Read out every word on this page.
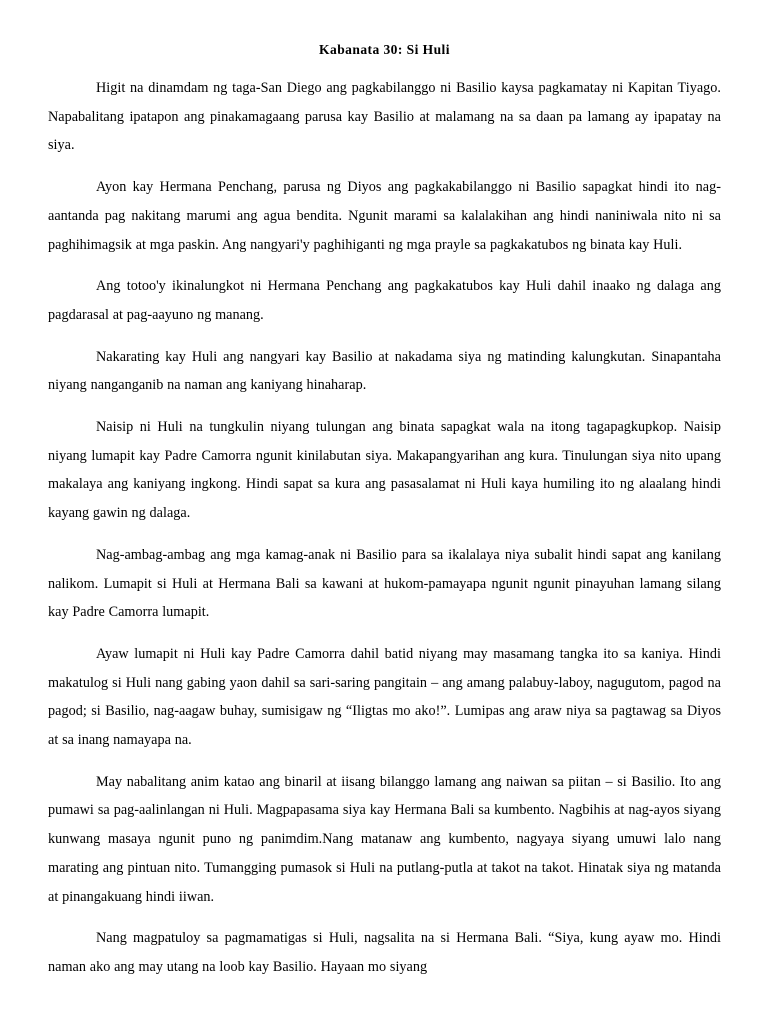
Kabanata 30: Si Huli

Higit na dinamdam ng taga-San Diego ang pagkabilanggo ni Basilio kaysa pagkamatay ni Kapitan Tiyago. Napabalitang ipatapon ang pinakamagaang parusa kay Basilio at malamang na sa daan pa lamang ay ipapatay na siya.

Ayon kay Hermana Penchang, parusa ng Diyos ang pagkakabilanggo ni Basilio sapagkat hindi ito nag-aantanda pag nakitang marumi ang agua bendita. Ngunit marami sa kalalakihan ang hindi naniniwala nito ni sa paghihimagsik at mga paskin. Ang nangyari'y paghihiganti ng mga prayle sa pagkakatubos ng binata kay Huli.

Ang totoo'y ikinalungkot ni Hermana Penchang ang pagkakatubos kay Huli dahil inaako ng dalaga ang pagdarasal at pag-aayuno ng manang.

Nakarating kay Huli ang nangyari kay Basilio at nakadama siya ng matinding kalungkutan. Sinapantaha niyang nanganganib na naman ang kaniyang hinaharap.

Naisip ni Huli na tungkulin niyang tulungan ang binata sapagkat wala na itong tagapagkupkop. Naisip niyang lumapit kay Padre Camorra ngunit kinilabutan siya. Makapangyarihan ang kura. Tinulungan siya nito upang makalaya ang kaniyang ingkong. Hindi sapat sa kura ang pasasalamat ni Huli kaya humiling ito ng alaalang hindi kayang gawin ng dalaga.

Nag-ambag-ambag ang mga kamag-anak ni Basilio para sa ikalalaya niya subalit hindi sapat ang kanilang nalikom. Lumapit si Huli at Hermana Bali sa kawani at hukom-pamayapa ngunit ngunit pinayuhan lamang silang kay Padre Camorra lumapit.

Ayaw lumapit ni Huli kay Padre Camorra dahil batid niyang may masamang tangka ito sa kaniya. Hindi makatulog si Huli nang gabing yaon dahil sa sari-saring pangitain – ang amang palabuy-laboy, nagugutom, pagod na pagod; si Basilio, nag-aagaw buhay, sumisigaw ng “Iligtas mo ako!”. Lumipas ang araw niya sa pagtawag sa Diyos at sa inang namayapa na.

May nabalitang anim katao ang binaril at iisang bilanggo lamang ang naiwan sa piitan – si Basilio. Ito ang pumawi sa pag-aalinlangan ni Huli. Magpapasama siya kay Hermana Bali sa kumbento. Nagbihis at nag-ayos siyang kunwang masaya ngunit puno ng panimdim.Nang matanaw ang kumbento, nagyaya siyang umuwi lalo nang marating ang pintuan nito. Tumangging pumasok si Huli na putlang-putla at takot na takot. Hinatak siya ng matanda at pinangakuang hindi iiwan.

Nang magpatuloy sa pagmamatigas si Huli, nagsalita na si Hermana Bali. “Siya, kung ayaw mo. Hindi naman ako ang may utang na loob kay Basilio. Hayaan mo siyang
